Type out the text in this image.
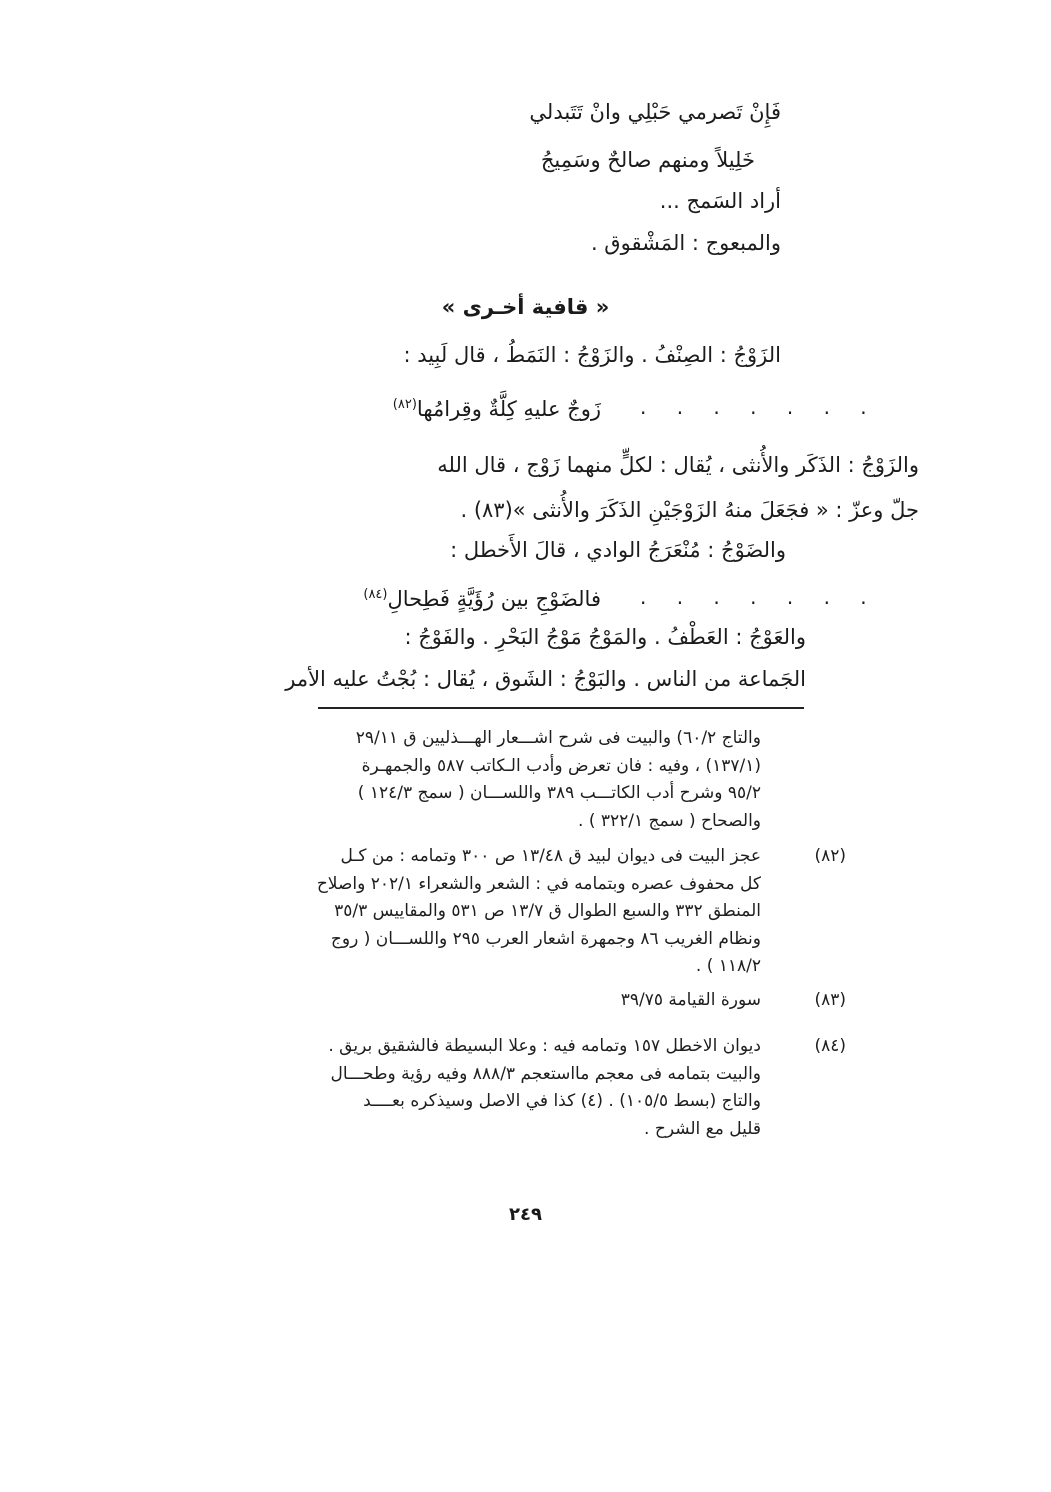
فَإِنْ تَصرمي حَبْلِي وانْ تَتَبدلي
خَلِيلاً ومنهم صالحٌ وسَمِيجُ
أراد السَمج ...
والمبعوج : المَشْقوق .
« قافية أخـرى »
الزَوْجُ : الصِنْفُ . والزَوْجُ : النَمَطُ ، قال لَبِيد :
زَوجٌ عليهِ كِلَّةٌ وقِرامُها$^{(٨٢)}$	. . . . . . .
والزَوْجُ : الذَكَر والأُنثى ، يُقال : لكلٍّ منهما زَوْج ، قال الله
جلّ وعزّ : « فجَعَلَ منهُ الزَوْجَيْنِ الذَكَرَ والأُنثى »(٨٣) .
والضَوْجُ : مُنْعَرَجُ الوادي ، قالَ الأَخطل :
فالضَوْجِ بين رُؤَيَّةٍ فَطِحالِ$^{(٨٤)}$	. . . . . . .
والعَوْجُ : العَطْفُ . والمَوْجُ مَوْجُ البَحْرِ . والفَوْجُ :
الجَماعة من الناس . والبَوْجُ : الشَوق ، يُقال : بُجْتُ عليه الأمر
والتاج ٦٠/٢) والبيت فى شرح اشـــعار الهـــذليين ق ٢٩/١١
(١٣٧/١) ، وفيه : فان تعرض وأدب الـكاتب ٥٨٧ والجمهـرة
٩٥/٢ وشرح أدب الكاتـــب ٣٨٩ واللســـان ( سمج ١٢٤/٣ )
والصحاح ( سمج ٣٢٢/١ ) .
(٨٢)
عجز البيت فى ديوان لبيد ق ١٣/٤٨ ص ٣٠٠ وتمامه : من كـل
كل محفوف عصره وبتمامه في : الشعر والشعراء ٢٠٢/١ واصلاح
المنطق ٣٣٢ والسبع الطوال ق ١٣/٧ ص ٥٣١ والمقاييس ٣٥/٣
ونظام الغريب ٨٦ وجمهرة اشعار العرب ٢٩٥ واللســـان ( روج
١١٨/٢ ) .
(٨٣)
سورة القيامة ٣٩/٧٥
(٨٤)
ديوان الاخطل ١٥٧ وتمامه فيه : وعلا البسيطة فالشقيق بريق .
والبيت بتمامه فى معجم مااستعجم ٨٨٨/٣ وفيه رؤية وطحـــال
والتاج (بسط ١٠٥/٥) . (٤) كذا في الاصل وسيذكره بعــــد
قليل مع الشرح .
٢٤٩
